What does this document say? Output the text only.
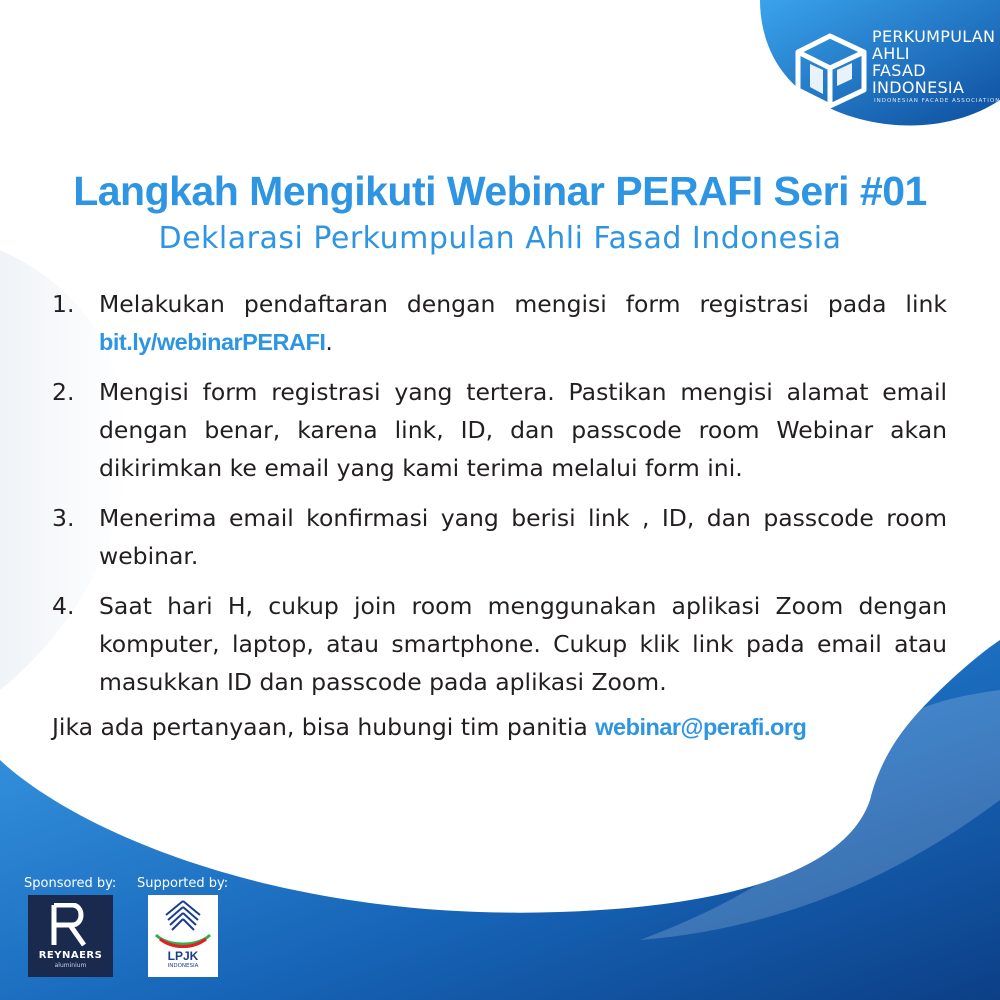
PERKUMPULAN
AHLI
FASAD
INDONESIA
INDONESIAN FACADE ASSOCIATION
Langkah Mengikuti Webinar PERAFI Seri #01
Deklarasi Perkumpulan Ahli Fasad Indonesia
1. Melakukan pendaftaran dengan mengisi form registrasi pada link bit.ly/webinarPERAFI.
2. Mengisi form registrasi yang tertera. Pastikan mengisi alamat email dengan benar, karena link, ID, dan passcode room Webinar akan dikirimkan ke email yang kami terima melalui form ini.
3. Menerima email konfirmasi yang berisi link , ID, dan passcode room webinar.
4. Saat hari H, cukup join room menggunakan aplikasi Zoom dengan komputer, laptop, atau smartphone. Cukup klik link pada email atau masukkan ID dan passcode pada aplikasi Zoom.
Jika ada pertanyaan, bisa hubungi tim panitia webinar@perafi.org
Sponsored by: Supported by:
REYNAERS
aluminium
LPJK
INDONESIA
